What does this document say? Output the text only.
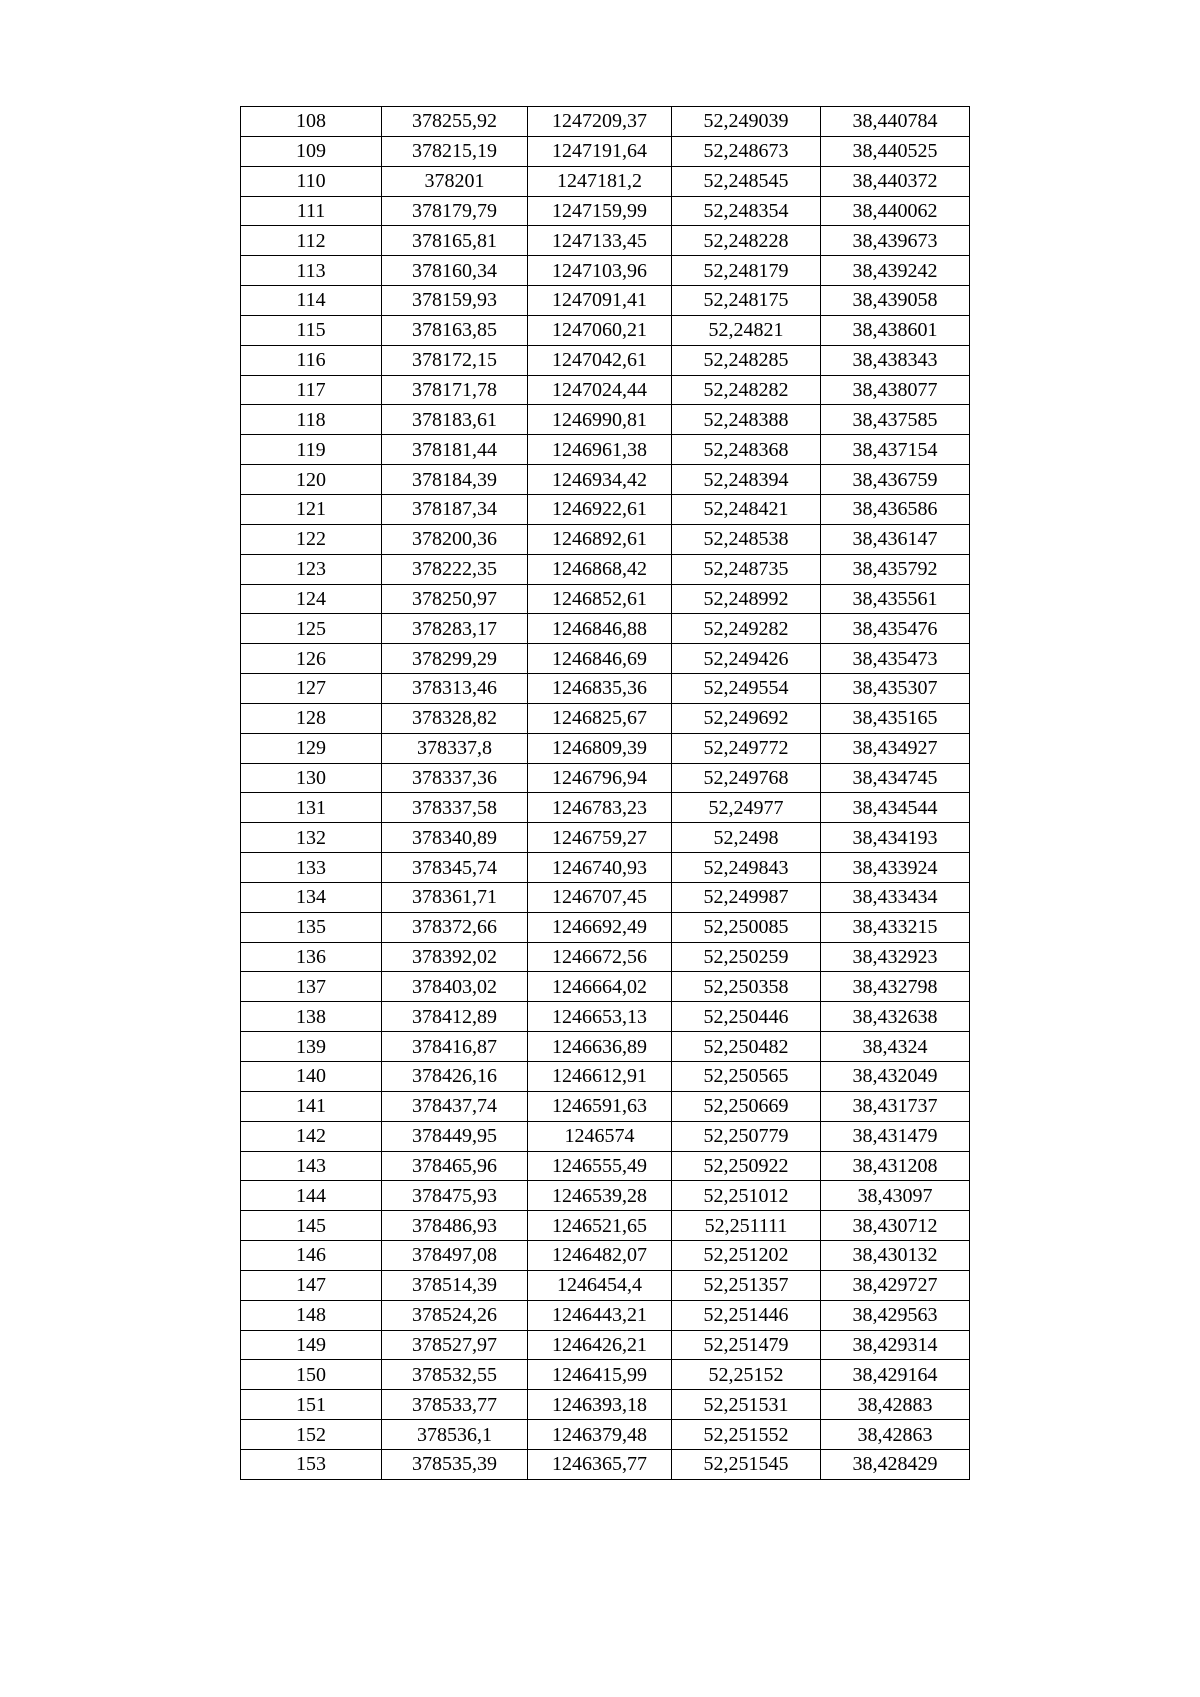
108	378255,92	1247209,37	52,249039	38,440784
109	378215,19	1247191,64	52,248673	38,440525
110	378201	1247181,2	52,248545	38,440372
111	378179,79	1247159,99	52,248354	38,440062
112	378165,81	1247133,45	52,248228	38,439673
113	378160,34	1247103,96	52,248179	38,439242
114	378159,93	1247091,41	52,248175	38,439058
115	378163,85	1247060,21	52,24821	38,438601
116	378172,15	1247042,61	52,248285	38,438343
117	378171,78	1247024,44	52,248282	38,438077
118	378183,61	1246990,81	52,248388	38,437585
119	378181,44	1246961,38	52,248368	38,437154
120	378184,39	1246934,42	52,248394	38,436759
121	378187,34	1246922,61	52,248421	38,436586
122	378200,36	1246892,61	52,248538	38,436147
123	378222,35	1246868,42	52,248735	38,435792
124	378250,97	1246852,61	52,248992	38,435561
125	378283,17	1246846,88	52,249282	38,435476
126	378299,29	1246846,69	52,249426	38,435473
127	378313,46	1246835,36	52,249554	38,435307
128	378328,82	1246825,67	52,249692	38,435165
129	378337,8	1246809,39	52,249772	38,434927
130	378337,36	1246796,94	52,249768	38,434745
131	378337,58	1246783,23	52,24977	38,434544
132	378340,89	1246759,27	52,2498	38,434193
133	378345,74	1246740,93	52,249843	38,433924
134	378361,71	1246707,45	52,249987	38,433434
135	378372,66	1246692,49	52,250085	38,433215
136	378392,02	1246672,56	52,250259	38,432923
137	378403,02	1246664,02	52,250358	38,432798
138	378412,89	1246653,13	52,250446	38,432638
139	378416,87	1246636,89	52,250482	38,4324
140	378426,16	1246612,91	52,250565	38,432049
141	378437,74	1246591,63	52,250669	38,431737
142	378449,95	1246574	52,250779	38,431479
143	378465,96	1246555,49	52,250922	38,431208
144	378475,93	1246539,28	52,251012	38,43097
145	378486,93	1246521,65	52,251111	38,430712
146	378497,08	1246482,07	52,251202	38,430132
147	378514,39	1246454,4	52,251357	38,429727
148	378524,26	1246443,21	52,251446	38,429563
149	378527,97	1246426,21	52,251479	38,429314
150	378532,55	1246415,99	52,25152	38,429164
151	378533,77	1246393,18	52,251531	38,42883
152	378536,1	1246379,48	52,251552	38,42863
153	378535,39	1246365,77	52,251545	38,428429
